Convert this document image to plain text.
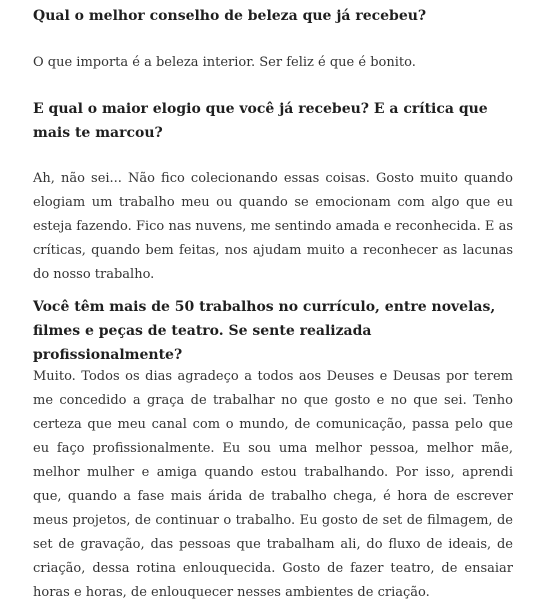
Qual o melhor conselho de beleza que já recebeu?

O que importa é a beleza interior. Ser feliz é que é bonito.

E qual o maior elogio que você já recebeu? E a crítica que mais te marcou?

Ah, não sei... Não fico colecionando essas coisas. Gosto muito quando elogiam um trabalho meu ou quando se emocionam com algo que eu esteja fazendo. Fico nas nuvens, me sentindo amada e reconhecida. E as críticas, quando bem feitas, nos ajudam muito a reconhecer as lacunas do nosso trabalho.

Você têm mais de 50 trabalhos no currículo, entre novelas, filmes e peças de teatro. Se sente realizada profissionalmente?

Muito. Todos os dias agradeço a todos aos Deuses e Deusas por terem me concedido a graça de trabalhar no que gosto e no que sei. Tenho certeza que meu canal com o mundo, de comunicação, passa pelo que eu faço profissionalmente. Eu sou uma melhor pessoa, melhor mãe, melhor mulher e amiga quando estou trabalhando. Por isso, aprendi que, quando a fase mais árida de trabalho chega, é hora de escrever meus projetos, de continuar o trabalho. Eu gosto de set de filmagem, de set de gravação, das pessoas que trabalham ali, do fluxo de ideais, de criação, dessa rotina enlouquecida. Gosto de fazer teatro, de ensaiar horas e horas, de enlouquecer nesses ambientes de criação.
